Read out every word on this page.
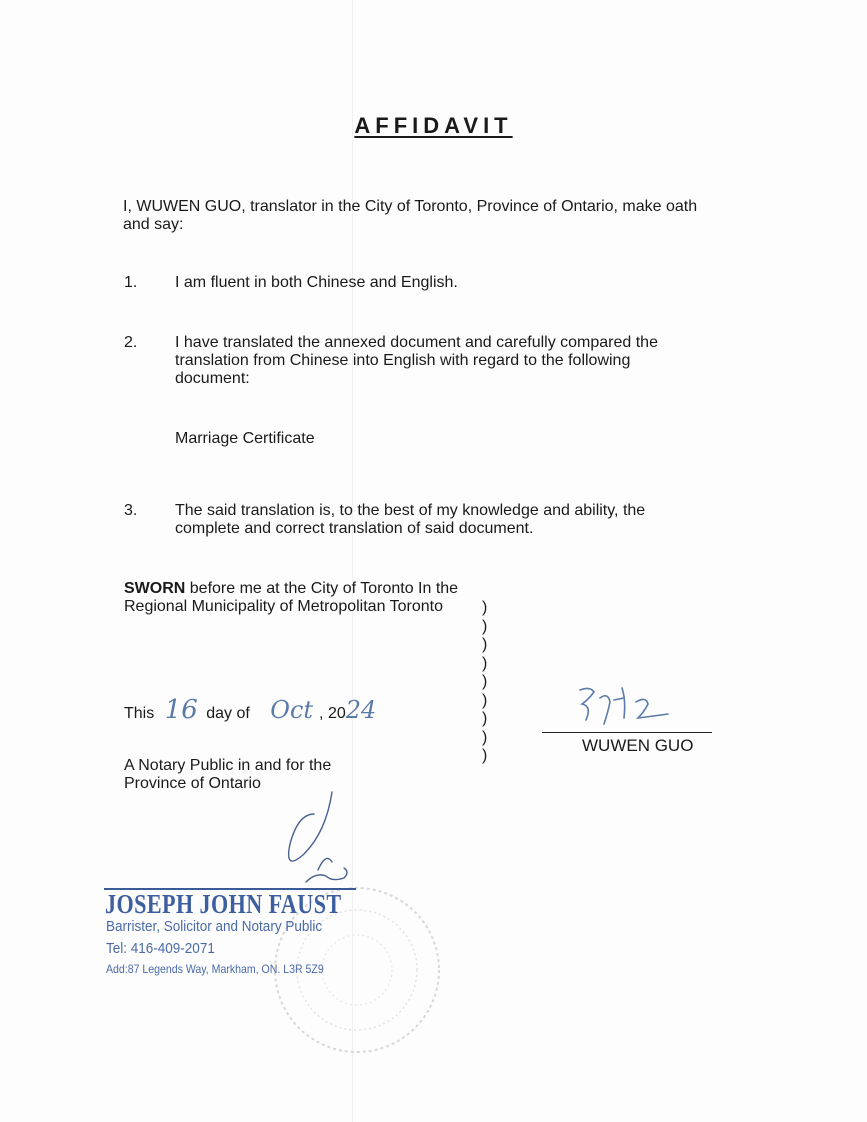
AFFIDAVIT
I, WUWEN GUO, translator in the City of Toronto, Province of Ontario, make oath and say:
1. I am fluent in both Chinese and English.
2. I have translated the annexed document and carefully compared the translation from Chinese into English with regard to the following document:
Marriage Certificate
3. The said translation is, to the best of my knowledge and ability, the complete and correct translation of said document.
SWORN before me at the City of Toronto In the Regional Municipality of Metropolitan Toronto	)
)
)
)
)
)
)
)
)
This 16 day of Oct , 2024
WUWEN GUO
A Notary Public in and for the Province of Ontario
JOSEPH JOHN FAUST
Barrister, Solicitor and Notary Public
Tel: 416-409-2071
Add:87 Legends Way, Markham, ON. L3R 5Z9
